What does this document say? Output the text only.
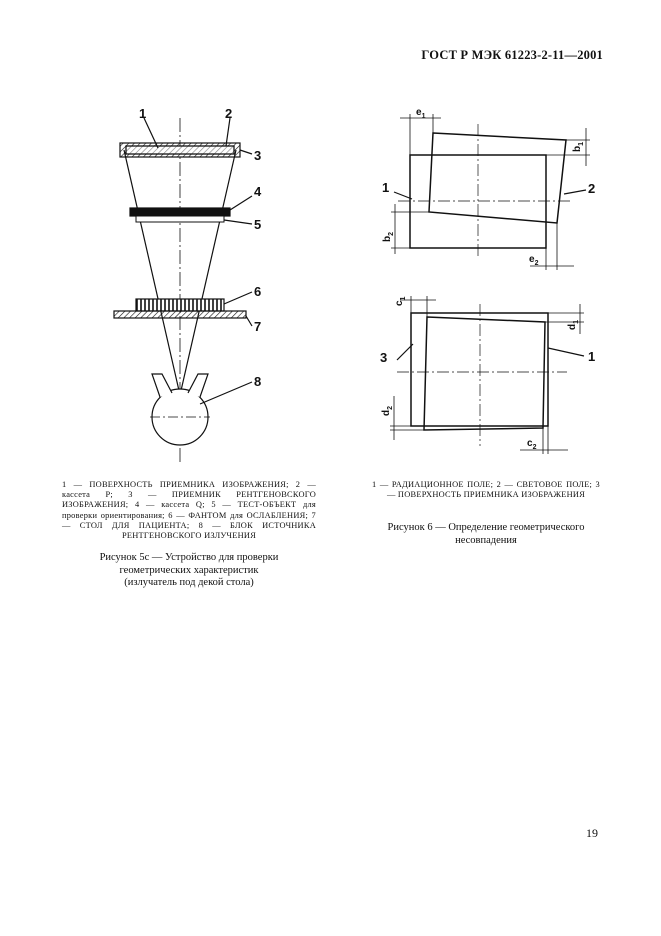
ГОСТ Р МЭК 61223-2-11—2001
1	2
3
4
5
6
7
8
1	2
$e_1$
$b_1$
$b_2$
$e_2$
3	1
$c_1$
$d_1$
$d_2$
$c_2$
1 — ПОВЕРХНОСТЬ ПРИЕМНИКА ИЗОБРАЖЕНИЯ; 2 — кассета P; 3 — ПРИЕМНИК РЕНТГЕНОВСКОГО ИЗОБРАЖЕНИЯ; 4 — кассета Q; 5 — ТЕСТ-ОБЪЕКТ для проверки ориентирования; 6 — ФАНТОМ для ОСЛАБЛЕНИЯ; 7 — СТОЛ ДЛЯ ПАЦИЕНТА; 8 — БЛОК ИСТОЧНИКА РЕНТГЕНОВСКОГО ИЗЛУЧЕНИЯ
Рисунок 5с — Устройство для проверки
геометрических характеристик
(излучатель под декой стола)
1 — РАДИАЦИОННОЕ ПОЛЕ; 2 — СВЕТОВОЕ ПОЛЕ; 3 — ПОВЕРХНОСТЬ ПРИЕМНИКА ИЗОБРАЖЕНИЯ
Рисунок 6 — Определение геометрического
несовпадения
19
